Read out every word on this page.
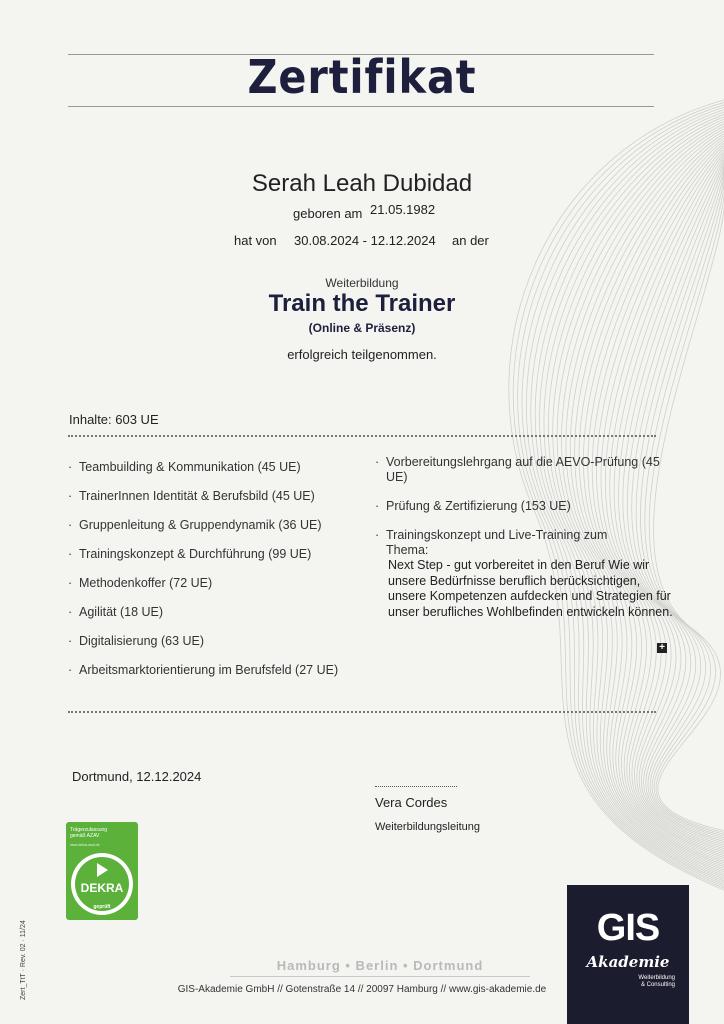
Zertifikat
Serah Leah Dubidad
geboren am 21.05.1982
hat von 30.08.2024 - 12.12.2024 an der
Weiterbildung
Train the Trainer
(Online & Präsenz)
erfolgreich teilgenommen.
Inhalte: 603 UE
· Teambuilding & Kommunikation (45 UE)
· TrainerInnen Identität & Berufsbild (45 UE)
· Gruppenleitung & Gruppendynamik (36 UE)
· Trainingskonzept & Durchführung (99 UE)
· Methodenkoffer (72 UE)
· Agilität (18 UE)
· Digitalisierung (63 UE)
· Arbeitsmarktorientierung im Berufsfeld (27 UE)
· Vorbereitungslehrgang auf die AEVO-Prüfung (45 UE)
· Prüfung & Zertifizierung (153 UE)
· Trainingskonzept und Live-Training zum Thema:
Next Step - gut vorbereitet in den Beruf Wie wir unsere Bedürfnisse beruflich berücksichtigen, unsere Kompetenzen aufdecken und Strategien für unser berufliches Wohlbefinden entwickeln können.
+
Dortmund, 12.12.2024
Vera Cordes
Weiterbildungsleitung
Trägerzulassung
gemäß AZAV
www.dekra-seal.de
DEKRA
geprüft
Zert_TtT · Rev. 02 · 11/24	Hamburg • Berlin • Dortmund
GIS-Akademie GmbH // Gotenstraße 14 // 20097 Hamburg // www.gis-akademie.de
GIS
Akademie
Weiterbildung
& Consulting
